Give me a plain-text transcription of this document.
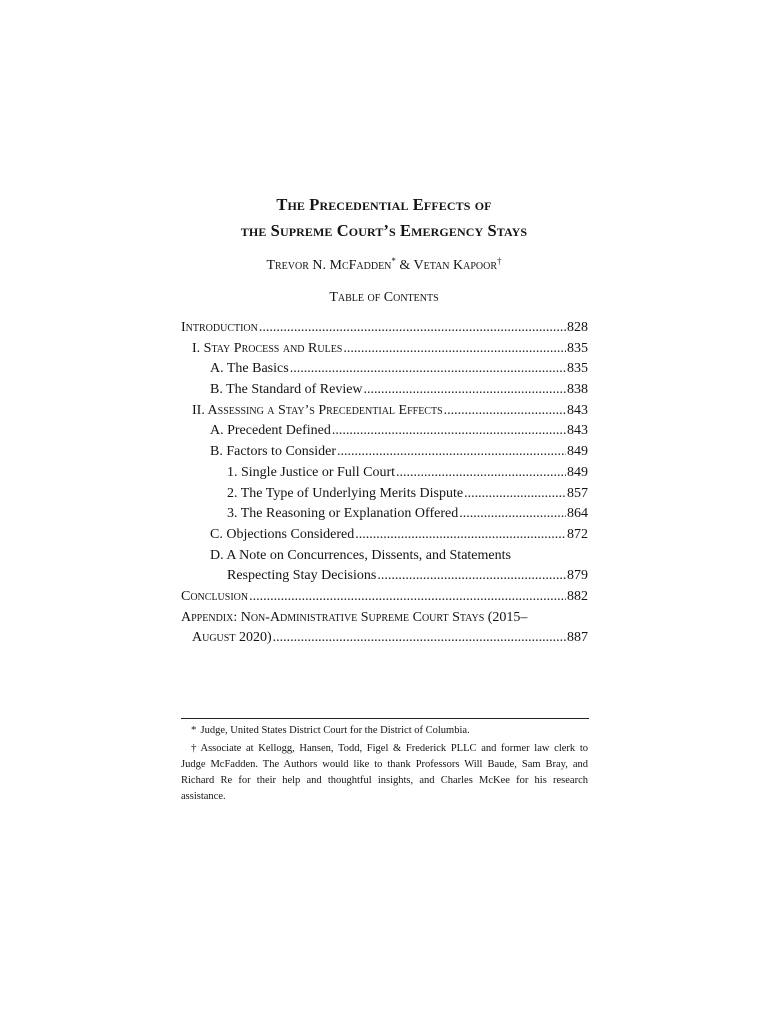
The Precedential Effects of
the Supreme Court’s Emergency Stays
Trevor N. McFadden* & Vetan Kapoor†
Table of Contents
Introduction .....	828
I. Stay Process and Rules .....	835
A. The Basics .....	835
B. The Standard of Review .....	838
II. Assessing a Stay’s Precedential Effects .....	843
A. Precedent Defined .....	843
B. Factors to Consider .....	849
1. Single Justice or Full Court .....	849
2. The Type of Underlying Merits Dispute .....	857
3. The Reasoning or Explanation Offered .....	864
C. Objections Considered .....	872
D. A Note on Concurrences, Dissents, and Statements
Respecting Stay Decisions .....	879
Conclusion .....	882
Appendix: Non-Administrative Supreme Court Stays (2015–
August 2020) .....	887
* Judge, United States District Court for the District of Columbia.
† Associate at Kellogg, Hansen, Todd, Figel & Frederick PLLC and former law clerk to Judge McFadden. The Authors would like to thank Professors Will Baude, Sam Bray, and Richard Re for their help and thoughtful insights, and Charles McKee for his research assistance.
